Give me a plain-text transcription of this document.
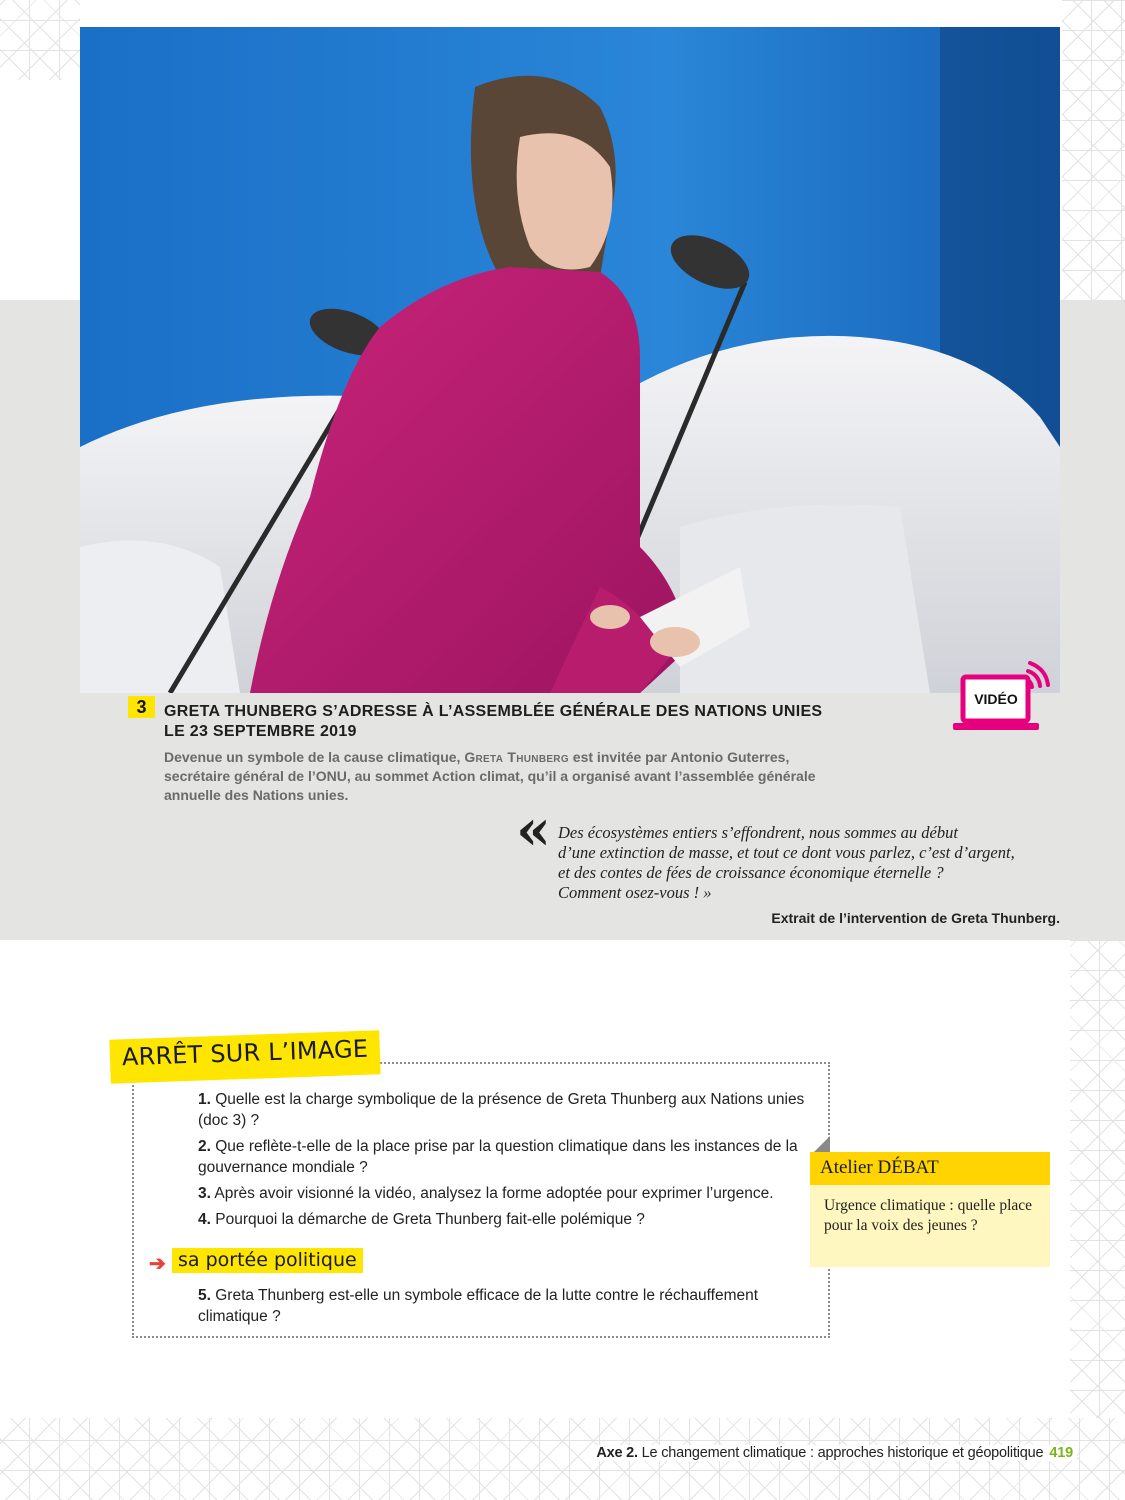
3	GRETA THUNBERG S’ADRESSE À L’ASSEMBLÉE GÉNÉRALE DES NATIONS UNIES
LE 23 SEPTEMBRE 2019
Devenue un symbole de la cause climatique, Greta Thunberg est invitée par Antonio Guterres, secrétaire général de l’ONU, au sommet Action climat, qu’il a organisé avant l’assemblée générale annuelle des Nations unies.
VIDÉO
« Des écosystèmes entiers s’effondrent, nous sommes au début
d’une extinction de masse, et tout ce dont vous parlez, c’est d’argent,
et des contes de fées de croissance économique éternelle ?
Comment osez-vous ! »
Extrait de l’intervention de Greta Thunberg.
ARRÊT SUR L’IMAGE
1. Quelle est la charge symbolique de la présence de Greta Thunberg aux Nations unies (doc 3) ?
2. Que reflète-t-elle de la place prise par la question climatique dans les instances de la gouvernance mondiale ?
3. Après avoir visionné la vidéo, analysez la forme adoptée pour exprimer l’urgence.
4. Pourquoi la démarche de Greta Thunberg fait-elle polémique ?
➔ sa portée politique
5. Greta Thunberg est-elle un symbole efficace de la lutte contre le réchauffement climatique ?
Atelier DÉBAT
Urgence climatique : quelle place pour la voix des jeunes ?
Axe 2. Le changement climatique : approches historique et géopolitique 419
